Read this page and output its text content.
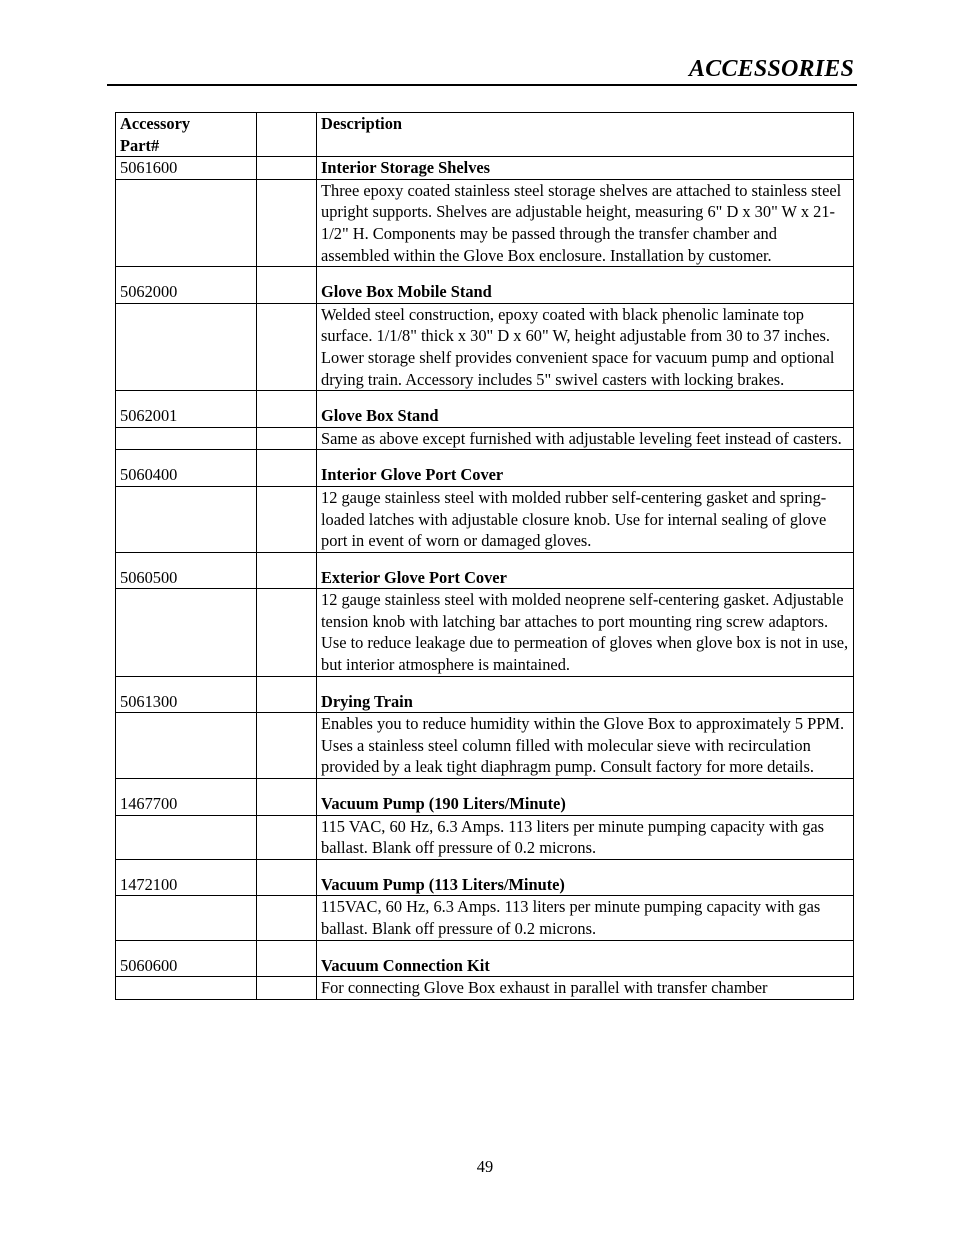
ACCESSORIES
Accessory Part#		Description
5061600		Interior Storage Shelves
		Three epoxy coated stainless steel storage shelves are attached to stainless steel upright supports. Shelves are adjustable height, measuring 6" D x 30" W x 21-1/2" H. Components may be passed through the transfer chamber and assembled within the Glove Box enclosure. Installation by customer.
5062000		Glove Box Mobile Stand
		Welded steel construction, epoxy coated with black phenolic laminate top surface. 1/1/8" thick x 30" D x 60" W, height adjustable from 30 to 37 inches. Lower storage shelf provides convenient space for vacuum pump and optional drying train. Accessory includes 5" swivel casters with locking brakes.
5062001		Glove Box Stand
		Same as above except furnished with adjustable leveling feet instead of casters.
5060400		Interior Glove Port Cover
		12 gauge stainless steel with molded rubber self-centering gasket and spring-loaded latches with adjustable closure knob. Use for internal sealing of glove port in event of worn or damaged gloves.
5060500		Exterior Glove Port Cover
		12 gauge stainless steel with molded neoprene self-centering gasket. Adjustable tension knob with latching bar attaches to port mounting ring screw adaptors. Use to reduce leakage due to permeation of gloves when glove box is not in use, but interior atmosphere is maintained.
5061300		Drying Train
		Enables you to reduce humidity within the Glove Box to approximately 5 PPM. Uses a stainless steel column filled with molecular sieve with recirculation provided by a leak tight diaphragm pump. Consult factory for more details.
1467700		Vacuum Pump (190 Liters/Minute)
		115 VAC, 60 Hz, 6.3 Amps. 113 liters per minute pumping capacity with gas ballast. Blank off pressure of 0.2 microns.
1472100		Vacuum Pump (113 Liters/Minute)
		115VAC, 60 Hz, 6.3 Amps. 113 liters per minute pumping capacity with gas ballast. Blank off pressure of 0.2 microns.
5060600		Vacuum Connection Kit
		For connecting Glove Box exhaust in parallel with transfer chamber
49
